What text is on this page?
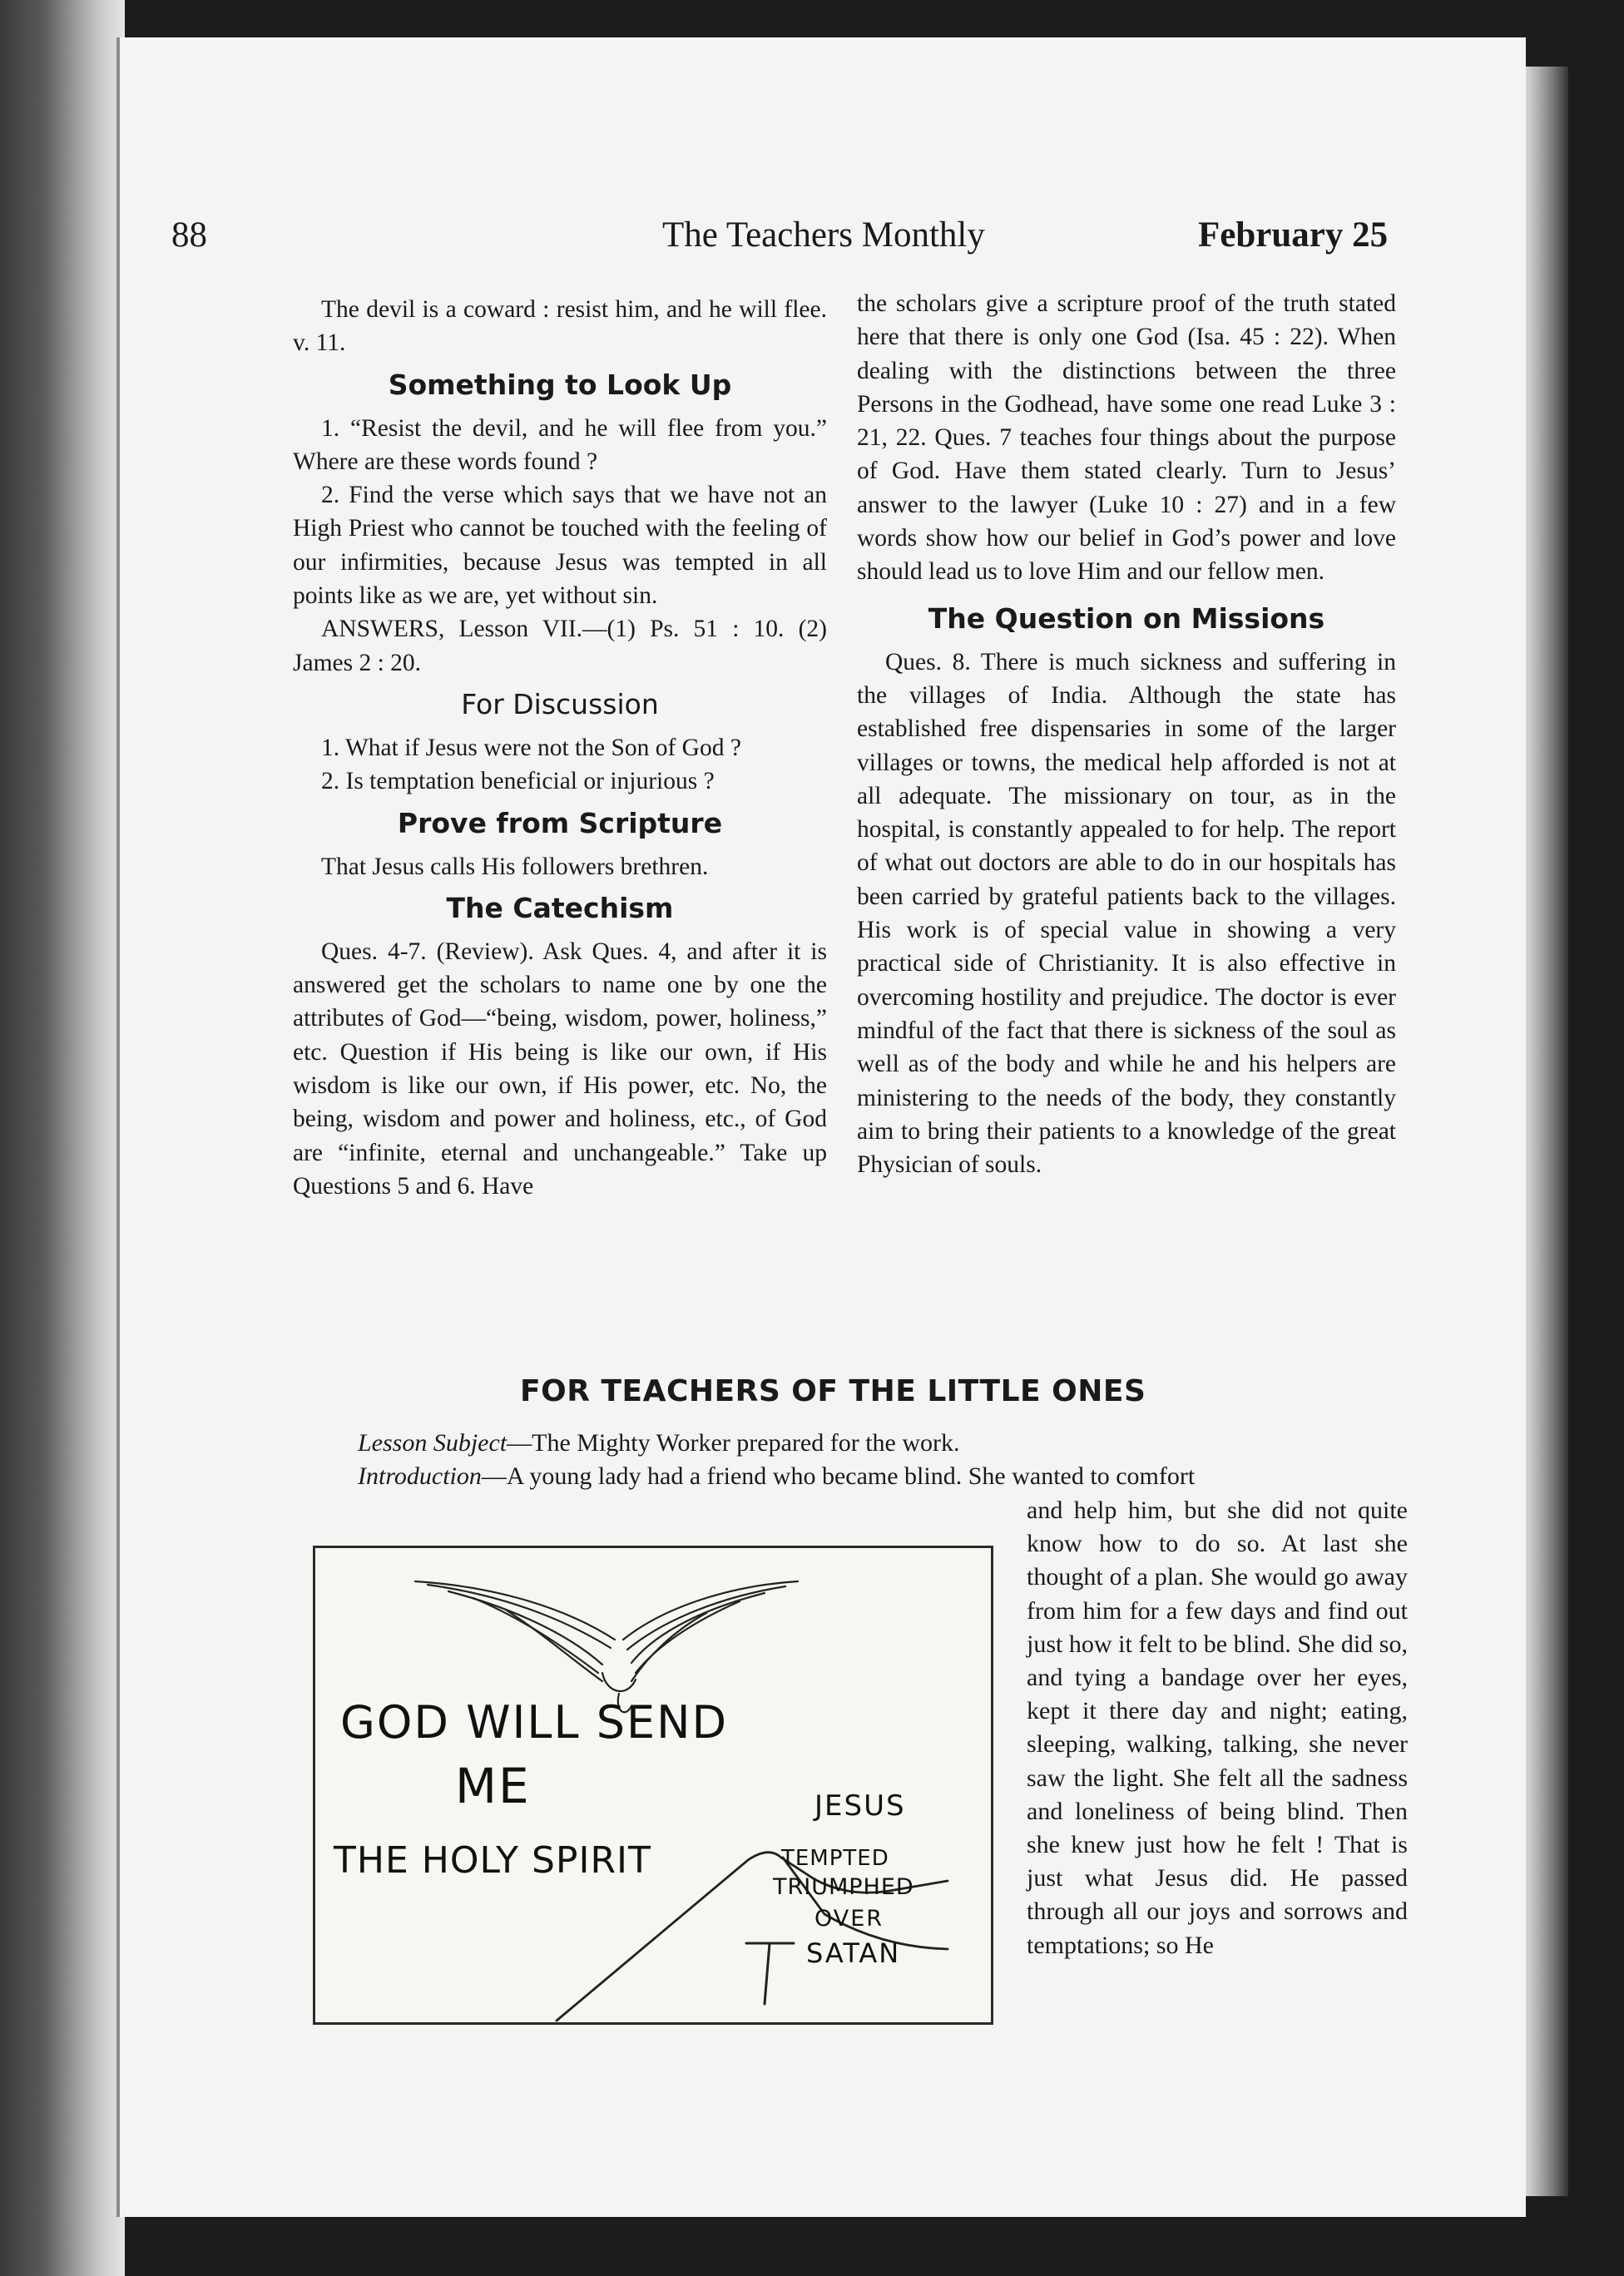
88	The Teachers Monthly	February 25

The devil is a coward : resist him, and he will flee. v. 11.

Something to Look Up

1. “Resist the devil, and he will flee from you.” Where are these words found ?

2. Find the verse which says that we have not an High Priest who cannot be touched with the feeling of our infirmities, because Jesus was tempted in all points like as we are, yet without sin.

ANSWERS, Lesson VII.—(1) Ps. 51 : 10. (2) James 2 : 20.

For Discussion

1. What if Jesus were not the Son of God ?

2. Is temptation beneficial or injurious ?

Prove from Scripture

That Jesus calls His followers brethren.

The Catechism

Ques. 4-7. (Review). Ask Ques. 4, and after it is answered get the scholars to name one by one the attributes of God—“being, wisdom, power, holiness,” etc. Question if His being is like our own, if His wisdom is like our own, if His power, etc. No, the being, wisdom and power and holiness, etc., of God are “infinite, eternal and unchangeable.” Take up Questions 5 and 6. Have

the scholars give a scripture proof of the truth stated here that there is only one God (Isa. 45 : 22). When dealing with the distinctions between the three Persons in the Godhead, have some one read Luke 3 : 21, 22. Ques. 7 teaches four things about the purpose of God. Have them stated clearly. Turn to Jesus’ answer to the lawyer (Luke 10 : 27) and in a few words show how our belief in God’s power and love should lead us to love Him and our fellow men.

The Question on Missions

Ques. 8. There is much sickness and suffering in the villages of India. Although the state has established free dispensaries in some of the larger villages or towns, the medical help afforded is not at all adequate. The missionary on tour, as in the hospital, is constantly appealed to for help. The report of what out doctors are able to do in our hospitals has been carried by grateful patients back to the villages. His work is of special value in showing a very practical side of Christianity. It is also effective in overcoming hostility and prejudice. The doctor is ever mindful of the fact that there is sickness of the soul as well as of the body and while he and his helpers are ministering to the needs of the body, they constantly aim to bring their patients to a knowledge of the great Physician of souls.

FOR TEACHERS OF THE LITTLE ONES
Lesson Subject—The Mighty Worker prepared for the work.
Introduction—A young lady had a friend who became blind. She wanted to comfort
and help him, but she did not quite know how to do so. At last she thought of a plan. She would go away from him for a few days and find out just how it felt to be blind. She did so, and tying a bandage over her eyes, kept it there day and night; eating, sleeping, walking, talking, she never saw the light. She felt all the sadness and loneliness of being blind. Then she knew just how he felt ! That is just what Jesus did. He passed through all our joys and sorrows and temptations; so He
GOD WILL SEND
ME
THE HOLY SPIRIT
JESUS
TEMPTED
TRIUMPHED
OVER
SATAN
